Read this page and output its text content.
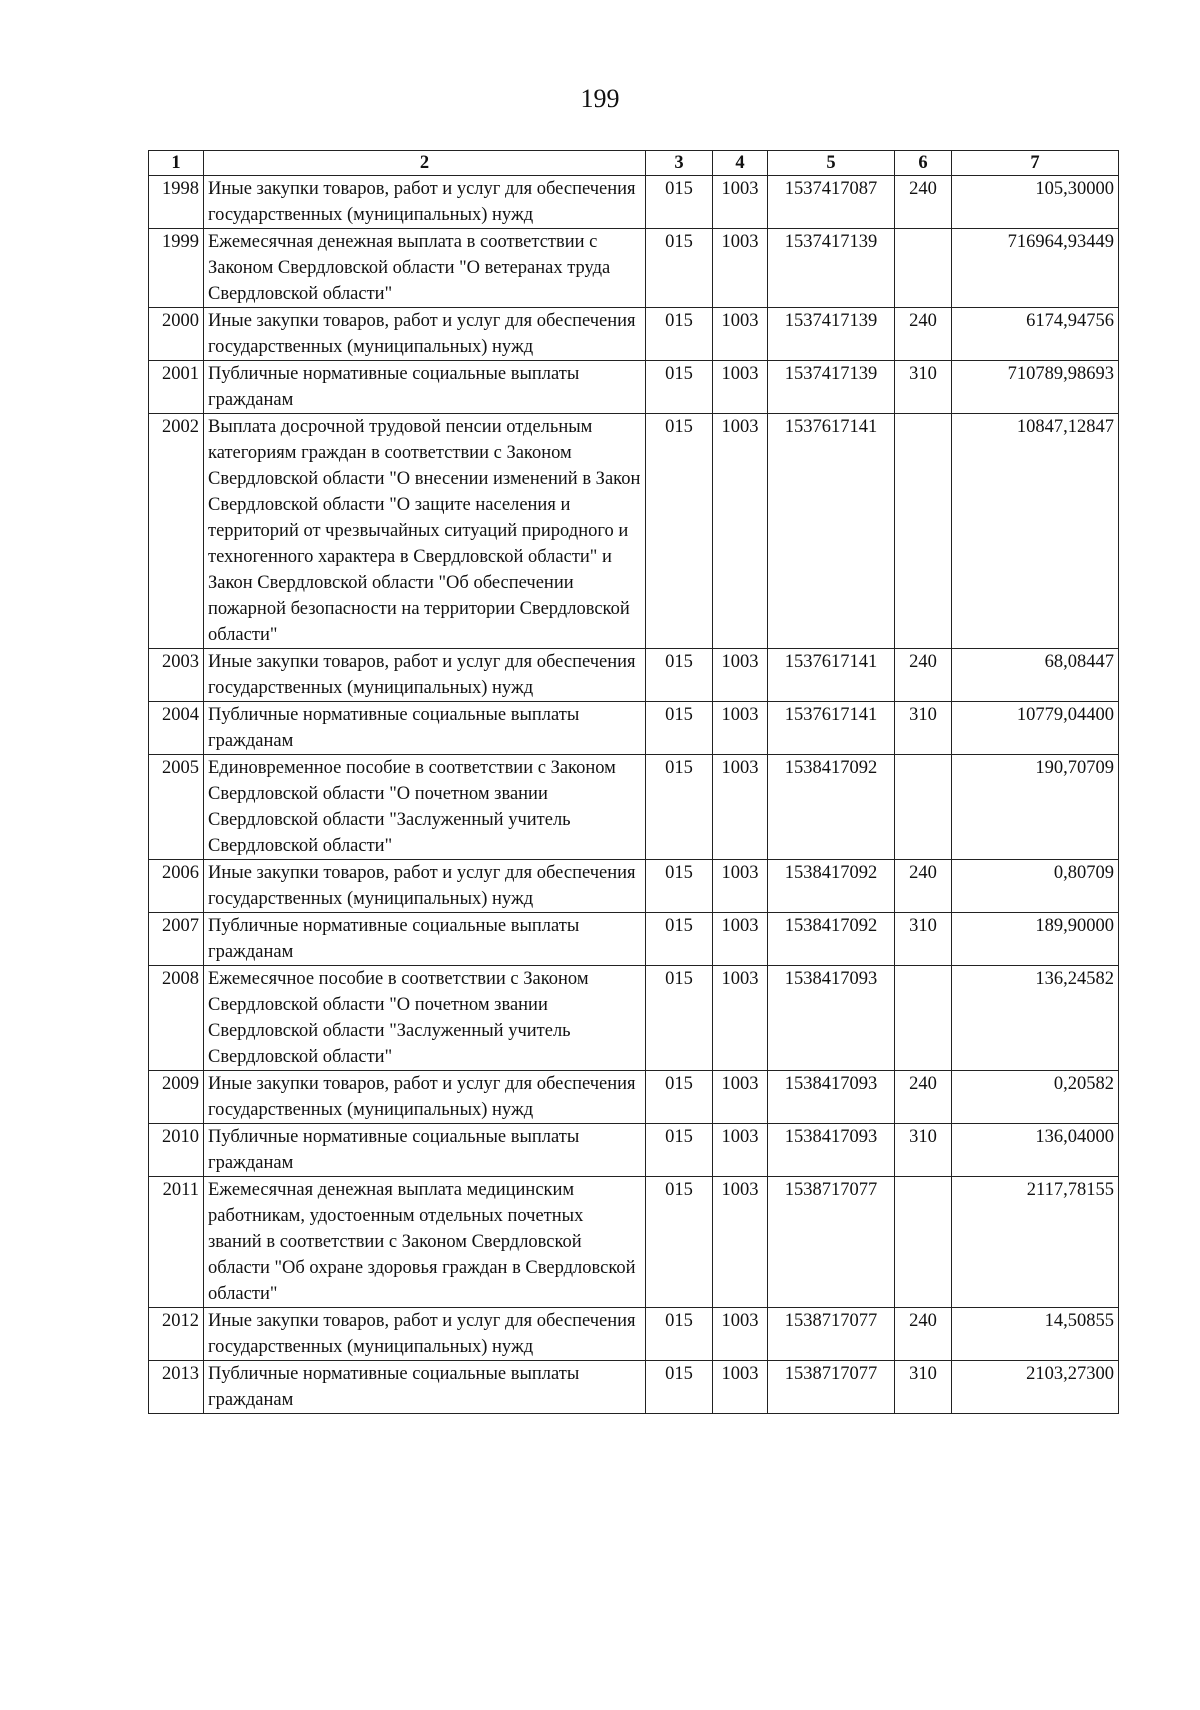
199
1	2	3	4	5	6	7
1998	Иные закупки товаров, работ и услуг для обеспечения государственных (муниципальных) нужд	015	1003	1537417087	240	105,30000
1999	Ежемесячная денежная выплата в соответствии с Законом Свердловской области "О ветеранах труда Свердловской области"	015	1003	1537417139		716964,93449
2000	Иные закупки товаров, работ и услуг для обеспечения государственных (муниципальных) нужд	015	1003	1537417139	240	6174,94756
2001	Публичные нормативные социальные выплаты гражданам	015	1003	1537417139	310	710789,98693
2002	Выплата досрочной трудовой пенсии отдельным категориям граждан в соответствии с Законом Свердловской области "О внесении изменений в Закон Свердловской области "О защите населения и территорий от чрезвычайных ситуаций природного и техногенного характера в Свердловской области" и Закон Свердловской области "Об обеспечении пожарной безопасности на территории Свердловской области"	015	1003	1537617141		10847,12847
2003	Иные закупки товаров, работ и услуг для обеспечения государственных (муниципальных) нужд	015	1003	1537617141	240	68,08447
2004	Публичные нормативные социальные выплаты гражданам	015	1003	1537617141	310	10779,04400
2005	Единовременное пособие в соответствии с Законом Свердловской области "О почетном звании Свердловской области "Заслуженный учитель Свердловской области"	015	1003	1538417092		190,70709
2006	Иные закупки товаров, работ и услуг для обеспечения государственных (муниципальных) нужд	015	1003	1538417092	240	0,80709
2007	Публичные нормативные социальные выплаты гражданам	015	1003	1538417092	310	189,90000
2008	Ежемесячное пособие в соответствии с Законом Свердловской области "О почетном звании Свердловской области "Заслуженный учитель Свердловской области"	015	1003	1538417093		136,24582
2009	Иные закупки товаров, работ и услуг для обеспечения государственных (муниципальных) нужд	015	1003	1538417093	240	0,20582
2010	Публичные нормативные социальные выплаты гражданам	015	1003	1538417093	310	136,04000
2011	Ежемесячная денежная выплата медицинским работникам, удостоенным отдельных почетных званий в соответствии с Законом Свердловской области "Об охране здоровья граждан в Свердловской области"	015	1003	1538717077		2117,78155
2012	Иные закупки товаров, работ и услуг для обеспечения государственных (муниципальных) нужд	015	1003	1538717077	240	14,50855
2013	Публичные нормативные социальные выплаты гражданам	015	1003	1538717077	310	2103,27300
